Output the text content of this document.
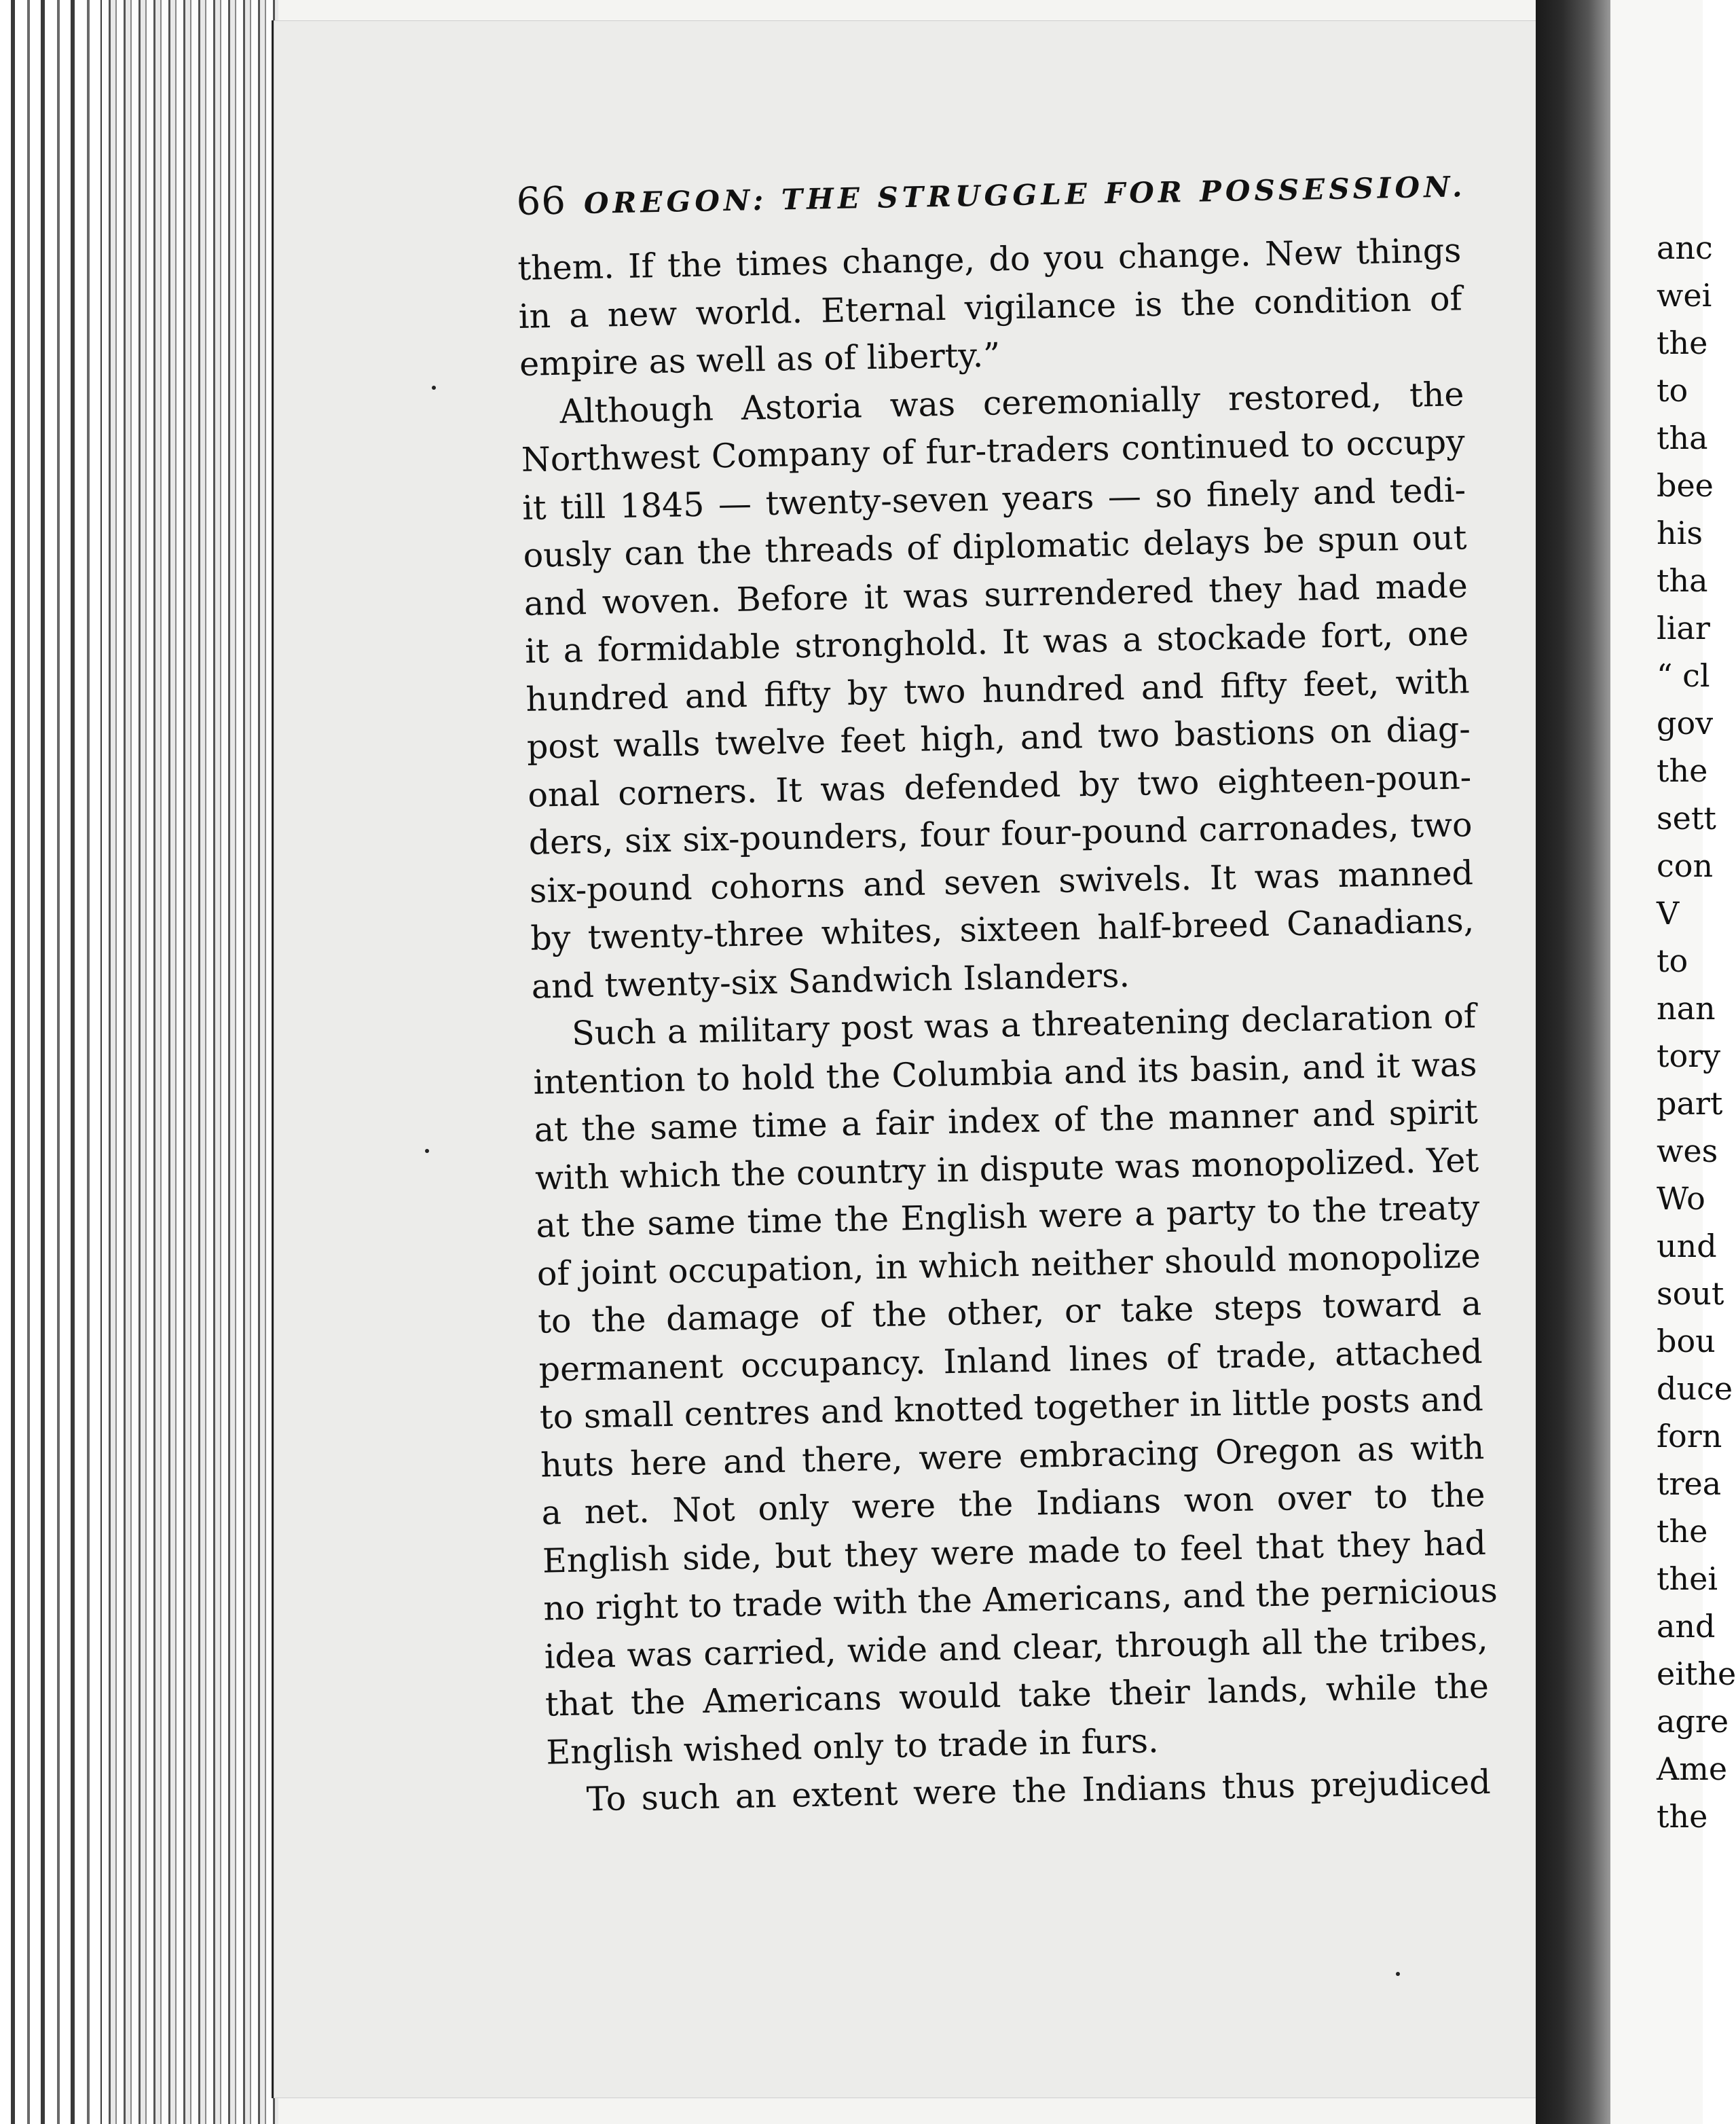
66 OREGON: THE STRUGGLE FOR POSSESSION.
them. If the times change, do you change. New things
in a new world. Eternal vigilance is the condition of
empire as well as of liberty.”
Although Astoria was ceremonially restored, the
Northwest Company of fur-traders continued to occupy
it till 1845 — twenty-seven years — so finely and tedi-
ously can the threads of diplomatic delays be spun out
and woven. Before it was surrendered they had made
it a formidable stronghold. It was a stockade fort, one
hundred and fifty by two hundred and fifty feet, with
post walls twelve feet high, and two bastions on diag-
onal corners. It was defended by two eighteen-poun-
ders, six six-pounders, four four-pound carronades, two
six-pound cohorns and seven swivels. It was manned
by twenty-three whites, sixteen half-breed Canadians,
and twenty-six Sandwich Islanders.
Such a military post was a threatening declaration of
intention to hold the Columbia and its basin, and it was
at the same time a fair index of the manner and spirit
with which the country in dispute was monopolized. Yet
at the same time the English were a party to the treaty
of joint occupation, in which neither should monopolize
to the damage of the other, or take steps toward a
permanent occupancy. Inland lines of trade, attached
to small centres and knotted together in little posts and
huts here and there, were embracing Oregon as with
a net. Not only were the Indians won over to the
English side, but they were made to feel that they had
no right to trade with the Americans, and the pernicious
idea was carried, wide and clear, through all the tribes,
that the Americans would take their lands, while the
English wished only to trade in furs.
To such an extent were the Indians thus prejudiced
anc
wei
the
to
tha
bee
his
tha
liar
“ cl
gov
the
sett
con
V
to
nan
tory
part
wes
Wo
und
sout
bou
duce
forn
trea
the
thei
and
eithe
agre
Ame
the
